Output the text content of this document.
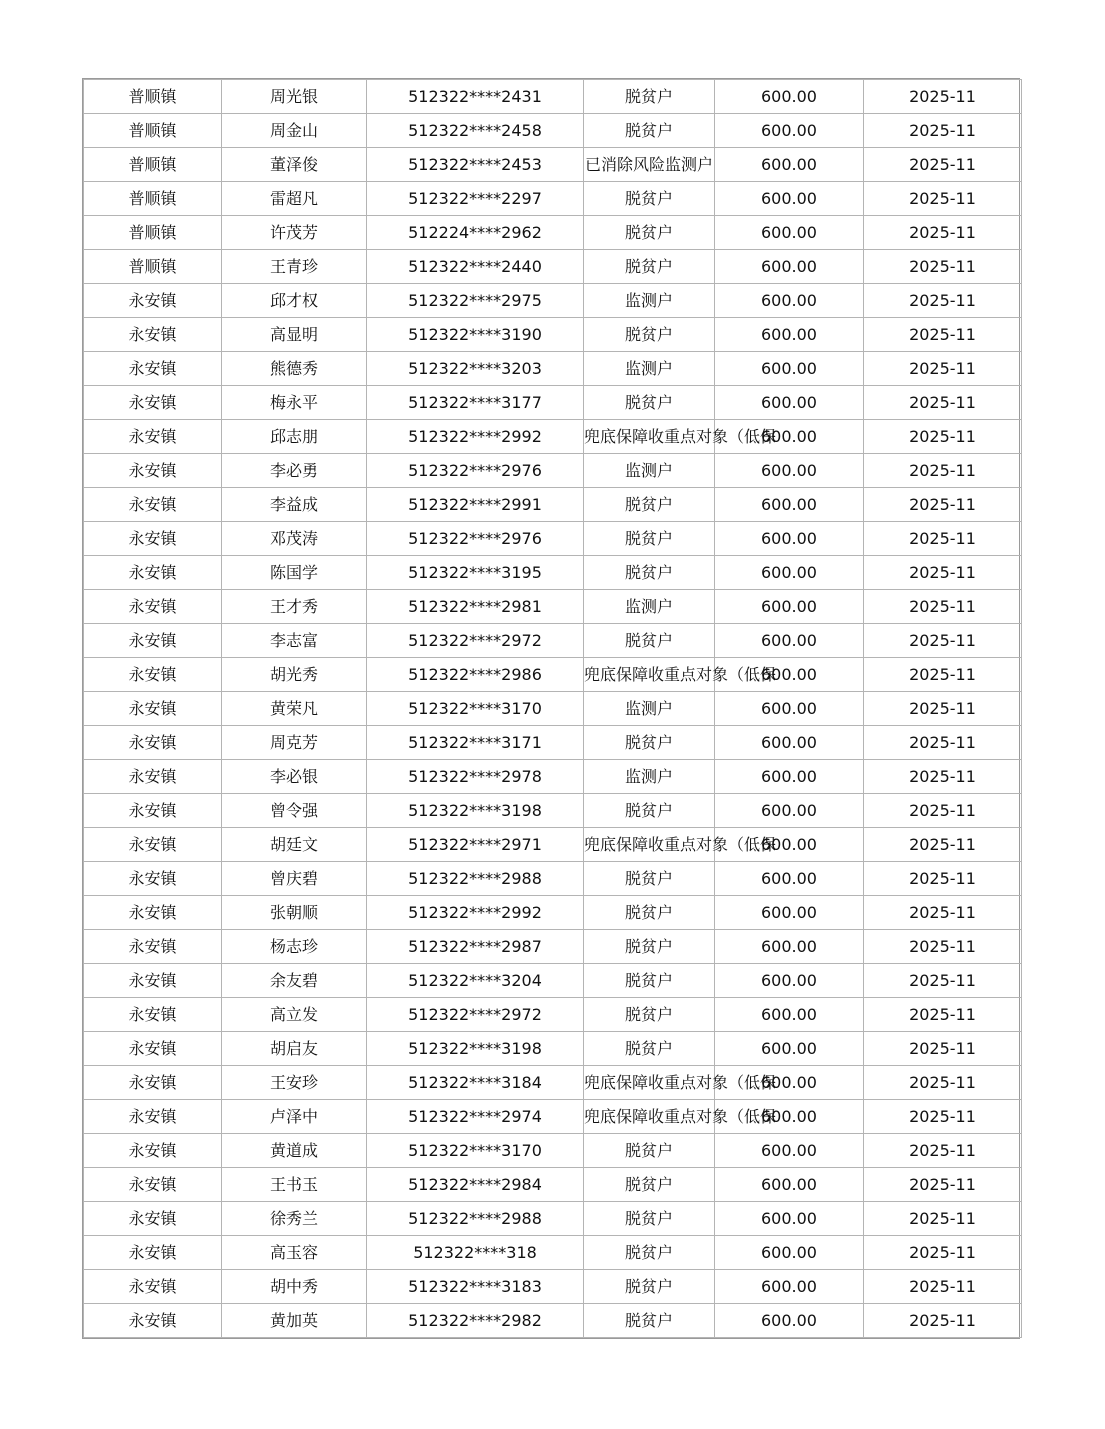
普顺镇	周光银	512322****2431	脱贫户	600.00	2025-11
普顺镇	周金山	512322****2458	脱贫户	600.00	2025-11
普顺镇	董泽俊	512322****2453	已消除风险监测户	600.00	2025-11
普顺镇	雷超凡	512322****2297	脱贫户	600.00	2025-11
普顺镇	许茂芳	512224****2962	脱贫户	600.00	2025-11
普顺镇	王青珍	512322****2440	脱贫户	600.00	2025-11
永安镇	邱才权	512322****2975	监测户	600.00	2025-11
永安镇	高显明	512322****3190	脱贫户	600.00	2025-11
永安镇	熊德秀	512322****3203	监测户	600.00	2025-11
永安镇	梅永平	512322****3177	脱贫户	600.00	2025-11
永安镇	邱志朋	512322****2992	兜底保障收重点对象（低保	600.00	2025-11
永安镇	李必勇	512322****2976	监测户	600.00	2025-11
永安镇	李益成	512322****2991	脱贫户	600.00	2025-11
永安镇	邓茂涛	512322****2976	脱贫户	600.00	2025-11
永安镇	陈国学	512322****3195	脱贫户	600.00	2025-11
永安镇	王才秀	512322****2981	监测户	600.00	2025-11
永安镇	李志富	512322****2972	脱贫户	600.00	2025-11
永安镇	胡光秀	512322****2986	兜底保障收重点对象（低保	600.00	2025-11
永安镇	黄荣凡	512322****3170	监测户	600.00	2025-11
永安镇	周克芳	512322****3171	脱贫户	600.00	2025-11
永安镇	李必银	512322****2978	监测户	600.00	2025-11
永安镇	曾令强	512322****3198	脱贫户	600.00	2025-11
永安镇	胡廷文	512322****2971	兜底保障收重点对象（低保	600.00	2025-11
永安镇	曾庆碧	512322****2988	脱贫户	600.00	2025-11
永安镇	张朝顺	512322****2992	脱贫户	600.00	2025-11
永安镇	杨志珍	512322****2987	脱贫户	600.00	2025-11
永安镇	余友碧	512322****3204	脱贫户	600.00	2025-11
永安镇	高立发	512322****2972	脱贫户	600.00	2025-11
永安镇	胡启友	512322****3198	脱贫户	600.00	2025-11
永安镇	王安珍	512322****3184	兜底保障收重点对象（低保	600.00	2025-11
永安镇	卢泽中	512322****2974	兜底保障收重点对象（低保	600.00	2025-11
永安镇	黄道成	512322****3170	脱贫户	600.00	2025-11
永安镇	王书玉	512322****2984	脱贫户	600.00	2025-11
永安镇	徐秀兰	512322****2988	脱贫户	600.00	2025-11
永安镇	高玉容	512322****318	脱贫户	600.00	2025-11
永安镇	胡中秀	512322****3183	脱贫户	600.00	2025-11
永安镇	黄加英	512322****2982	脱贫户	600.00	2025-11
